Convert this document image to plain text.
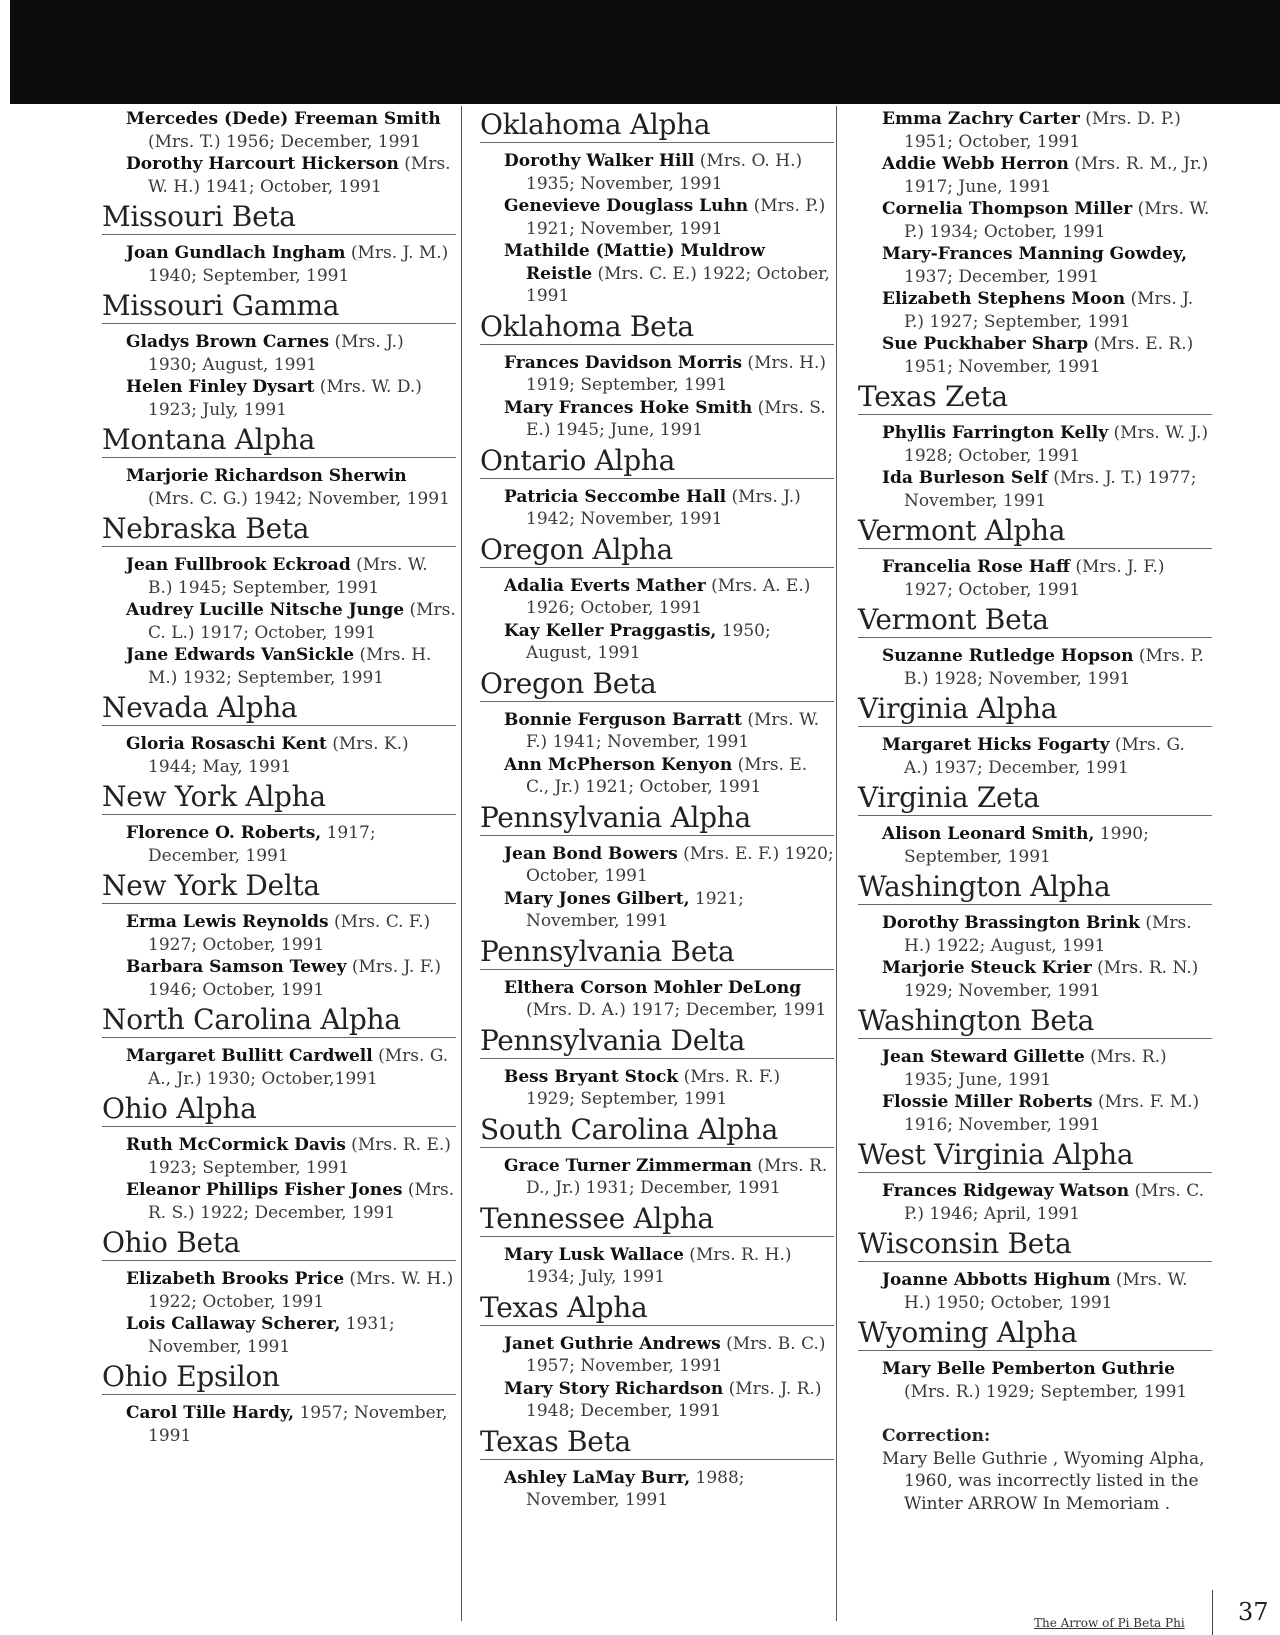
Mercedes (Dede) Freeman Smith (Mrs. T.) 1956; December, 1991
Dorothy Harcourt Hickerson (Mrs. W. H.) 1941; October, 1991
Missouri Beta
Joan Gundlach Ingham (Mrs. J. M.) 1940; September, 1991
Missouri Gamma
Gladys Brown Carnes (Mrs. J.) 1930; August, 1991
Helen Finley Dysart (Mrs. W. D.) 1923; July, 1991
Montana Alpha
Marjorie Richardson Sherwin (Mrs. C. G.) 1942; November, 1991
Nebraska Beta
Jean Fullbrook Eckroad (Mrs. W. B.) 1945; September, 1991
Audrey Lucille Nitsche Junge (Mrs. C. L.) 1917; October, 1991
Jane Edwards VanSickle (Mrs. H. M.) 1932; September, 1991
Nevada Alpha
Gloria Rosaschi Kent (Mrs. K.) 1944; May, 1991
New York Alpha
Florence O. Roberts, 1917; December, 1991
New York Delta
Erma Lewis Reynolds (Mrs. C. F.) 1927; October, 1991
Barbara Samson Tewey (Mrs. J. F.) 1946; October, 1991
North Carolina Alpha
Margaret Bullitt Cardwell (Mrs. G. A., Jr.) 1930; October,1991
Ohio Alpha
Ruth McCormick Davis (Mrs. R. E.) 1923; September, 1991
Eleanor Phillips Fisher Jones (Mrs. R. S.) 1922; December, 1991
Ohio Beta
Elizabeth Brooks Price (Mrs. W. H.) 1922; October, 1991
Lois Callaway Scherer, 1931; November, 1991
Ohio Epsilon
Carol Tille Hardy, 1957; November, 1991
Oklahoma Alpha
Dorothy Walker Hill (Mrs. O. H.) 1935; November, 1991
Genevieve Douglass Luhn (Mrs. P.) 1921; November, 1991
Mathilde (Mattie) Muldrow Reistle (Mrs. C. E.) 1922; October, 1991
Oklahoma Beta
Frances Davidson Morris (Mrs. H.) 1919; September, 1991
Mary Frances Hoke Smith (Mrs. S. E.) 1945; June, 1991
Ontario Alpha
Patricia Seccombe Hall (Mrs. J.) 1942; November, 1991
Oregon Alpha
Adalia Everts Mather (Mrs. A. E.) 1926; October, 1991
Kay Keller Praggastis, 1950; August, 1991
Oregon Beta
Bonnie Ferguson Barratt (Mrs. W. F.) 1941; November, 1991
Ann McPherson Kenyon (Mrs. E. C., Jr.) 1921; October, 1991
Pennsylvania Alpha
Jean Bond Bowers (Mrs. E. F.) 1920; October, 1991
Mary Jones Gilbert, 1921; November, 1991
Pennsylvania Beta
Elthera Corson Mohler DeLong (Mrs. D. A.) 1917; December, 1991
Pennsylvania Delta
Bess Bryant Stock (Mrs. R. F.) 1929; September, 1991
South Carolina Alpha
Grace Turner Zimmerman (Mrs. R. D., Jr.) 1931; December, 1991
Tennessee Alpha
Mary Lusk Wallace (Mrs. R. H.) 1934; July, 1991
Texas Alpha
Janet Guthrie Andrews (Mrs. B. C.) 1957; November, 1991
Mary Story Richardson (Mrs. J. R.) 1948; December, 1991
Texas Beta
Ashley LaMay Burr, 1988; November, 1991
Emma Zachry Carter (Mrs. D. P.) 1951; October, 1991
Addie Webb Herron (Mrs. R. M., Jr.) 1917; June, 1991
Cornelia Thompson Miller (Mrs. W. P.) 1934; October, 1991
Mary-Frances Manning Gowdey, 1937; December, 1991
Elizabeth Stephens Moon (Mrs. J. P.) 1927; September, 1991
Sue Puckhaber Sharp (Mrs. E. R.) 1951; November, 1991
Texas Zeta
Phyllis Farrington Kelly (Mrs. W. J.) 1928; October, 1991
Ida Burleson Self (Mrs. J. T.) 1977; November, 1991
Vermont Alpha
Francelia Rose Haff (Mrs. J. F.) 1927; October, 1991
Vermont Beta
Suzanne Rutledge Hopson (Mrs. P. B.) 1928; November, 1991
Virginia Alpha
Margaret Hicks Fogarty (Mrs. G. A.) 1937; December, 1991
Virginia Zeta
Alison Leonard Smith, 1990; September, 1991
Washington Alpha
Dorothy Brassington Brink (Mrs. H.) 1922; August, 1991
Marjorie Steuck Krier (Mrs. R. N.) 1929; November, 1991
Washington Beta
Jean Steward Gillette (Mrs. R.) 1935; June, 1991
Flossie Miller Roberts (Mrs. F. M.) 1916; November, 1991
West Virginia Alpha
Frances Ridgeway Watson (Mrs. C. P.) 1946; April, 1991
Wisconsin Beta
Joanne Abbotts Highum (Mrs. W. H.) 1950; October, 1991
Wyoming Alpha
Mary Belle Pemberton Guthrie (Mrs. R.) 1929; September, 1991
Correction:
Mary Belle Guthrie , Wyoming Alpha, 1960, was incorrectly listed in the Winter ARROW In Memoriam .
The Arrow of Pi Beta Phi 37
